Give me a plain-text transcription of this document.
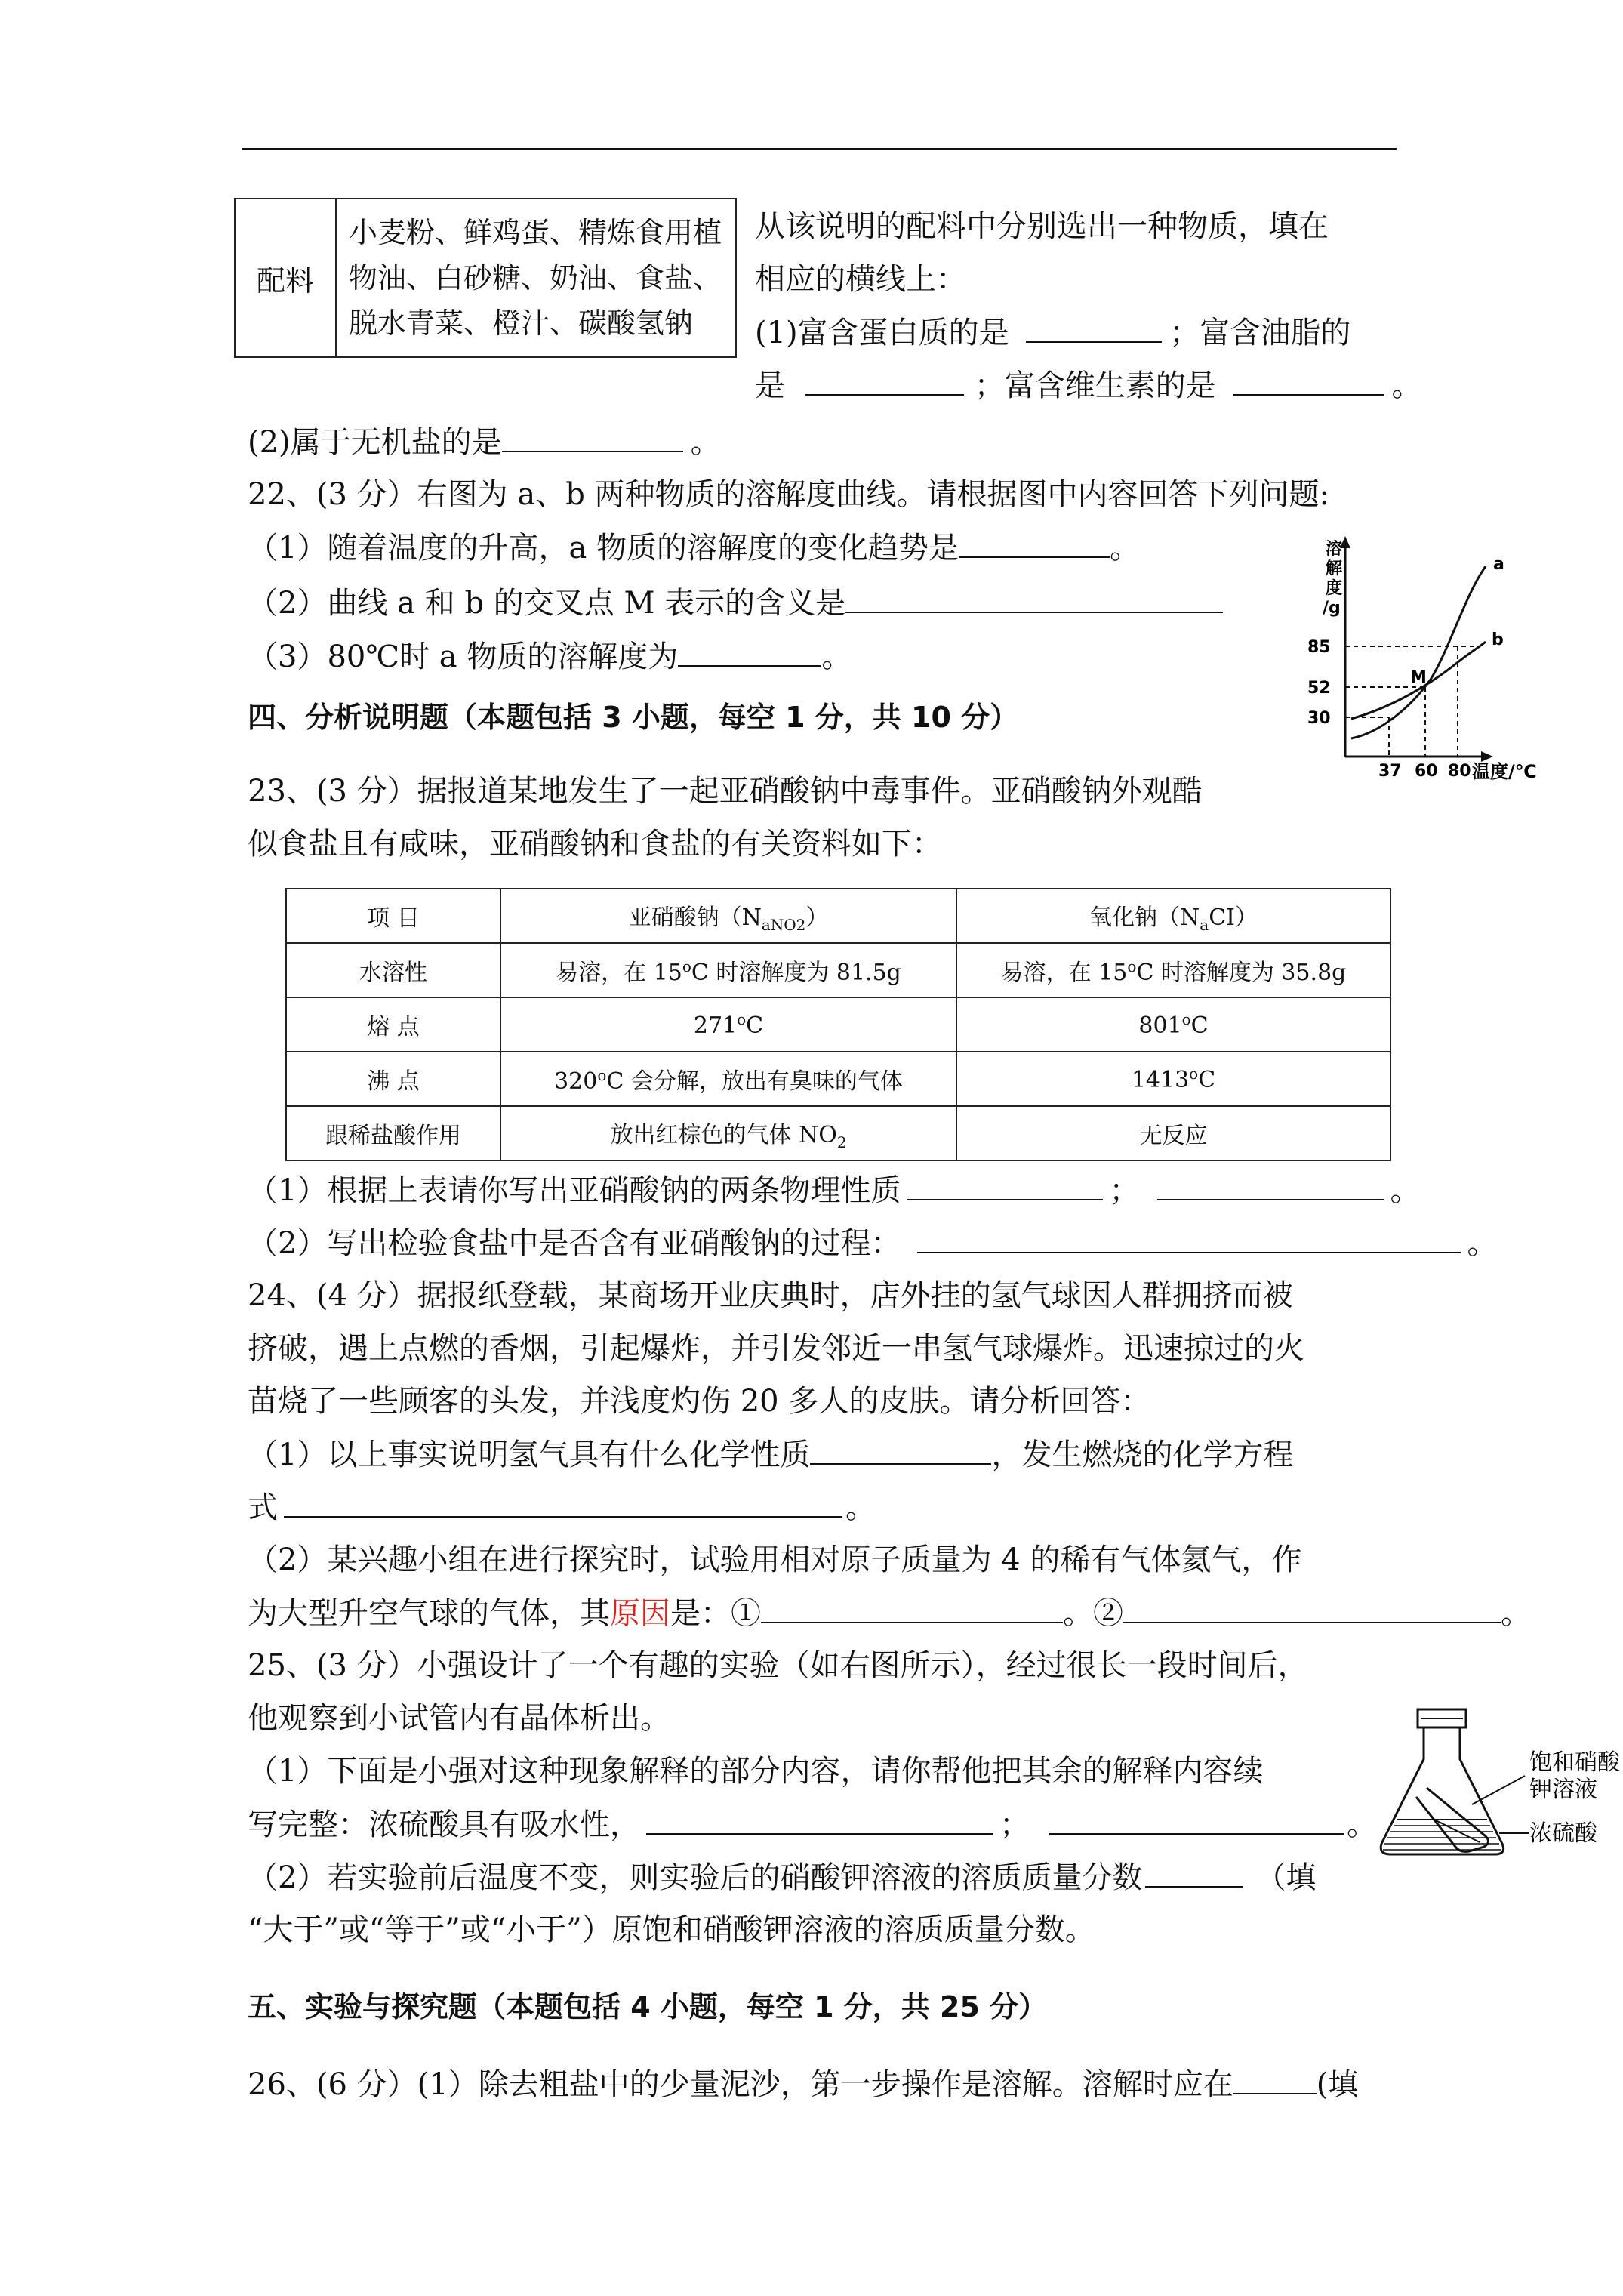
配料
小麦粉、鲜鸡蛋、精炼食用植
物油、白砂糖、奶油、食盐、
脱水青菜、橙汁、碳酸氢钠
从该说明的配料中分别选出一种物质，填在
相应的横线上：
(1)富含蛋白质的是	；富含油脂的
是	；富含维生素的是	。
(2)属于无机盐的是	。
22、(3 分）右图为 a、b 两种物质的溶解度曲线。请根据图中内容回答下列问题:
（1）随着温度的升高，a 物质的溶解度的变化趋势是	。
（2）曲线 a 和 b 的交叉点 M 表示的含义是
（3）80℃时 a 物质的溶解度为	。
溶
解
度
/g
a
b
M
85
52
30
37 60 80 温度/℃
四、分析说明题（本题包括 3 小题，每空 1 分，共 10 分）
23、(3 分）据报道某地发生了一起亚硝酸钠中毒事件。亚硝酸钠外观酷
似食盐且有咸味，亚硝酸钠和食盐的有关资料如下：
项 目	亚硝酸钠$(N_{aNO2})$	氧化钠$(N_aCI)$
水溶性	易溶，在 15$^o$C 时溶解度为 81.5g	易溶，在 15$^o$C 时溶解度为 35.8g
熔 点	271$^o$C	801$^o$C
沸 点	320$^o$C 会分解，放出有臭味的气体	1413$^o$C
跟稀盐酸作用	放出红棕色的气体 $NO_2$	无反应
（1）根据上表请你写出亚硝酸钠的两条物理性质	；	。
（2）写出检验食盐中是否含有亚硝酸钠的过程：	。
24、(4 分）据报纸登载，某商场开业庆典时，店外挂的氢气球因人群拥挤而被
挤破，遇上点燃的香烟，引起爆炸，并引发邻近一串氢气球爆炸。迅速掠过的火
苗烧了一些顾客的头发，并浅度灼伤 20 多人的皮肤。请分析回答：
（1）以上事实说明氢气具有什么化学性质	，发生燃烧的化学方程
式	。
（2）某兴趣小组在进行探究时，试验用相对原子质量为 4 的稀有气体氦气，作
为大型升空气球的气体，其原因是：①	。②	。
25、(3 分）小强设计了一个有趣的实验（如右图所示），经过很长一段时间后，
他观察到小试管内有晶体析出。
（1）下面是小强对这种现象解释的部分内容，请你帮他把其余的解释内容续
写完整：浓硫酸具有吸水性，	；	。
（2）若实验前后温度不变，则实验后的硝酸钾溶液的溶质质量分数	（填
“大于”或“等于”或“小于”）原饱和硝酸钾溶液的溶质质量分数。
饱和硝酸
钾溶液
浓硫酸
五、实验与探究题（本题包括 4 小题，每空 1 分，共 25 分）
26、(6 分）(1）除去粗盐中的少量泥沙，第一步操作是溶解。溶解时应在	(填
